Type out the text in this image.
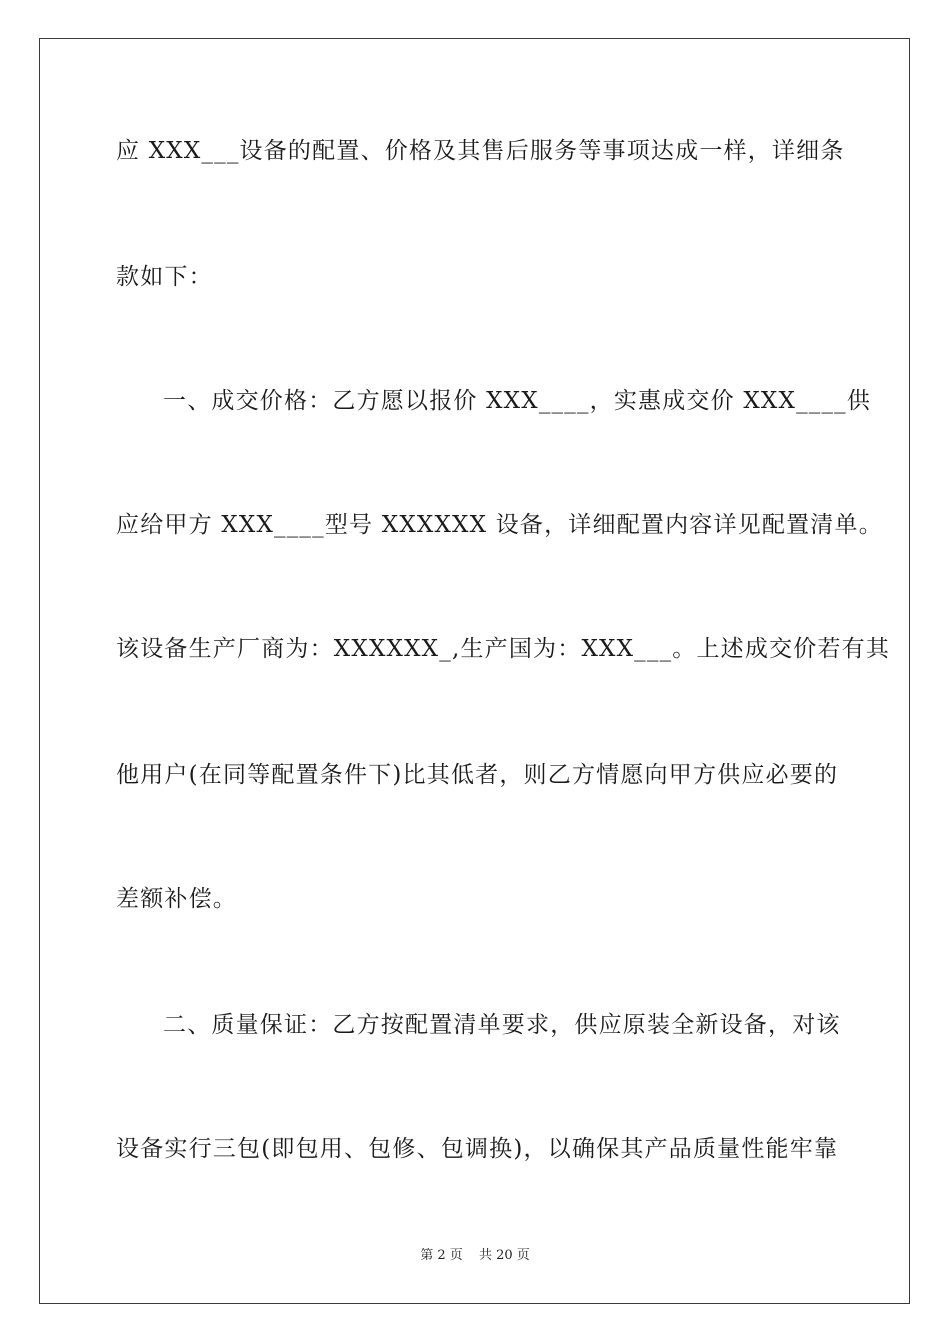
应 XXX___设备的配置、价格及其售后服务等事项达成一样，详细条
款如下：
一、成交价格：乙方愿以报价 XXX____，实惠成交价 XXX____供
应给甲方 XXX____型号 XXXXXX 设备，详细配置内容详见配置清单。
该设备生产厂商为：XXXXXX_,生产国为：XXX___。上述成交价若有其
他用户(在同等配置条件下)比其低者，则乙方情愿向甲方供应必要的
差额补偿。
二、质量保证：乙方按配置清单要求，供应原装全新设备，对该
设备实行三包(即包用、包修、包调换)，以确保其产品质量性能牢靠
第 2 页 共 20 页
